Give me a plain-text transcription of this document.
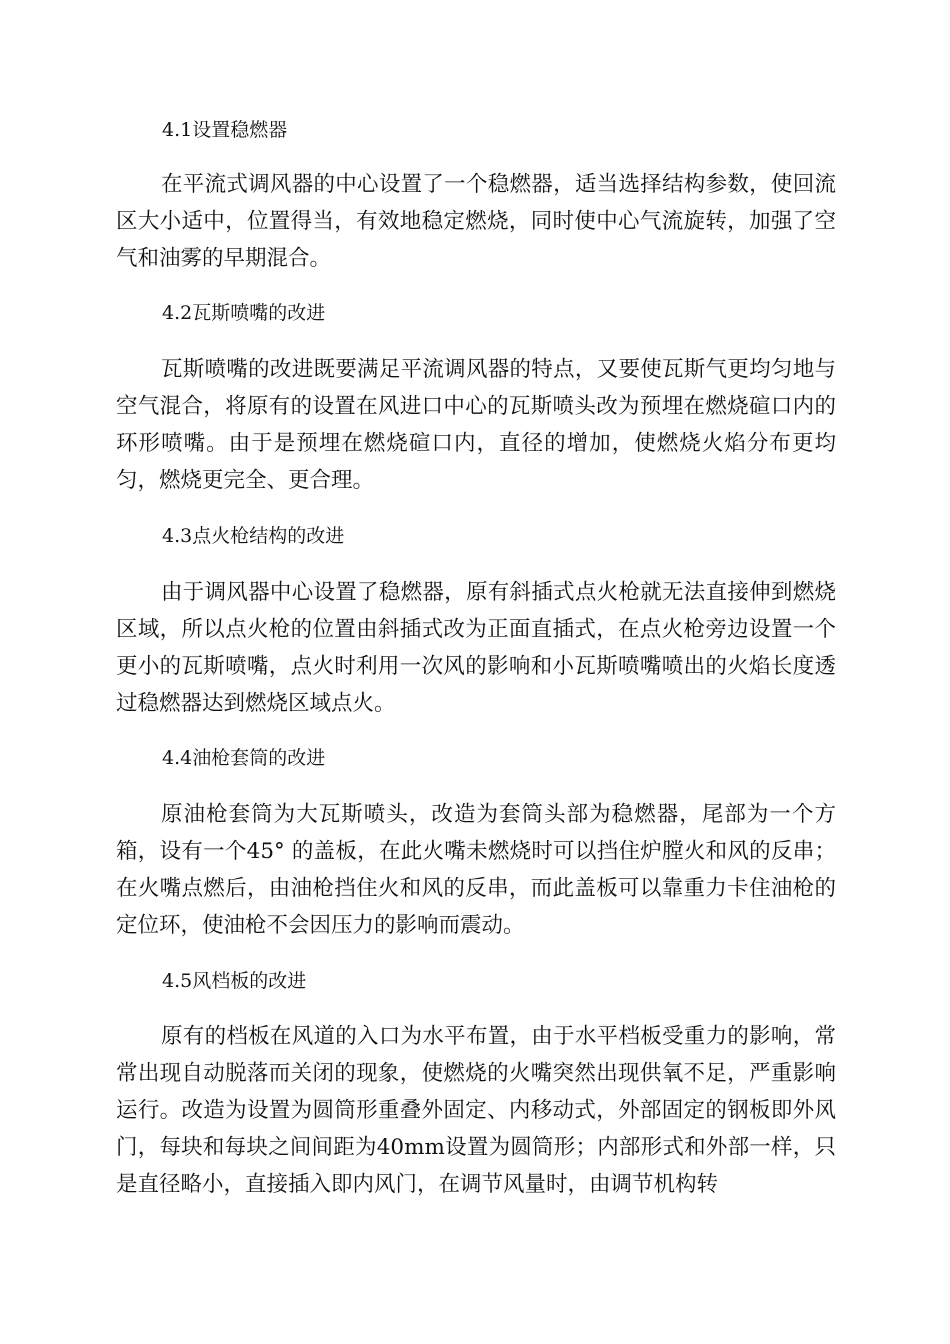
4.1设置稳燃器

在平流式调风器的中心设置了一个稳燃器，适当选择结构参数，使回流区大小适中，位置得当，有效地稳定燃烧，同时使中心气流旋转，加强了空气和油雾的早期混合。

4.2瓦斯喷嘴的改进

瓦斯喷嘴的改进既要满足平流调风器的特点，又要使瓦斯气更均匀地与空气混合，将原有的设置在风进口中心的瓦斯喷头改为预埋在燃烧碹口内的环形喷嘴。由于是预埋在燃烧碹口内，直径的增加，使燃烧火焰分布更均匀，燃烧更完全、更合理。

4.3点火枪结构的改进

由于调风器中心设置了稳燃器，原有斜插式点火枪就无法直接伸到燃烧区域，所以点火枪的位置由斜插式改为正面直插式，在点火枪旁边设置一个更小的瓦斯喷嘴，点火时利用一次风的影响和小瓦斯喷嘴喷出的火焰长度透过稳燃器达到燃烧区域点火。

4.4油枪套筒的改进

原油枪套筒为大瓦斯喷头，改造为套筒头部为稳燃器，尾部为一个方箱，设有一个45° 的盖板，在此火嘴未燃烧时可以挡住炉膛火和风的反串；在火嘴点燃后，由油枪挡住火和风的反串，而此盖板可以靠重力卡住油枪的定位环，使油枪不会因压力的影响而震动。

4.5风档板的改进

原有的档板在风道的入口为水平布置，由于水平档板受重力的影响，常常出现自动脱落而关闭的现象，使燃烧的火嘴突然出现供氧不足，严重影响运行。改造为设置为圆筒形重叠外固定、内移动式，外部固定的钢板即外风门，每块和每块之间间距为40mm设置为圆筒形；内部形式和外部一样，只是直径略小，直接插入即内风门，在调节风量时，由调节机构转
